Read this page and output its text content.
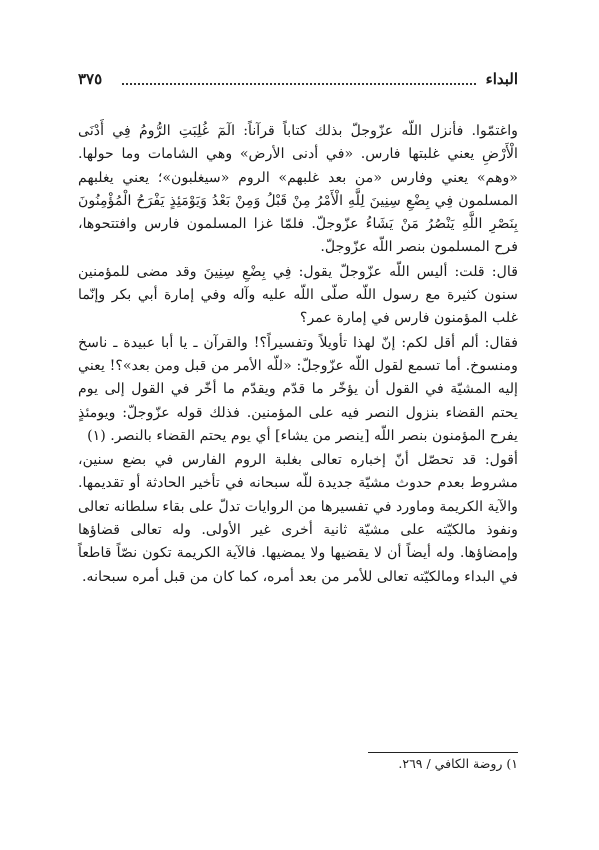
البداء
٣٧٥

واغتمّوا. فأنزل اللّه عزّوجلّ بذلك كتاباً قرآناً: الٓمٓ غُلِبَتِ الرُّومُ فِي أَدْنَى الْأَرْضِ يعني غلبتها فارس. «في أدنى الأرض» وهي الشامات وما حولها. «وهم» يعني وفارس «من بعد غلبهم» الروم «سيغلبون»؛ يعني يغلبهم المسلمون فِي بِضْعِ سِنِينَ لِلَّهِ الْأَمْرُ مِنْ قَبْلُ وَمِنْ بَعْدُ وَيَوْمَئِذٍ يَفْرَحُ الْمُؤْمِنُونَ بِنَصْرِ اللَّهِ يَنْصُرُ مَنْ يَشَاءُ عزّوجلّ. فلمّا غزا المسلمون فارس وافتتحوها، فرح المسلمون بنصر اللّه عزّوجلّ.

قال: قلت: أليس اللّه عزّوجلّ يقول: فِي بِضْعِ سِنِينَ وقد مضى للمؤمنين سنون كثيرة مع رسول اللّه صلّى اللّه عليه وآله وفي إمارة أبي بكر وإنّما غلب المؤمنون فارس في إمارة عمر؟

فقال: ألم أقل لكم: إنّ لهذا تأويلاً وتفسيراً؟! والقرآن ـ يا أبا عبيدة ـ ناسخ ومنسوخ. أما تسمع لقول اللّه عزّوجلّ: «للّه الأمر من قبل ومن بعد»؟! يعني إليه المشيّة في القول أن يؤخّر ما قدّم ويقدّم ما أخّر في القول إلى يوم يحتم القضاء بنزول النصر فيه على المؤمنين. فذلك قوله عزّوجلّ: ويومئذٍ يفرح المؤمنون بنصر اللّه [ينصر من يشاء] أي يوم يحتم القضاء بالنصر. (١)

أقول: قد تحصّل أنّ إخباره تعالى بغلبة الروم الفارس في بضع سنين، مشروط بعدم حدوث مشيّة جديدة للّه سبحانه في تأخير الحادثة أو تقديمها. والآية الكريمة وماورد في تفسيرها من الروايات تدلّ على بقاء سلطانه تعالى ونفوذ مالكيّته على مشيّة ثانية أخرى غير الأولى. وله تعالى قضاؤها وإمضاؤها. وله أيضاً أن لا يقضيها ولا يمضيها. فالآية الكريمة تكون نصّاً قاطعاً في البداء ومالكيّته تعالى للأمر من بعد أمره، كما كان من قبل أمره سبحانه.

١) روضة الكافي / ٢٦٩.
